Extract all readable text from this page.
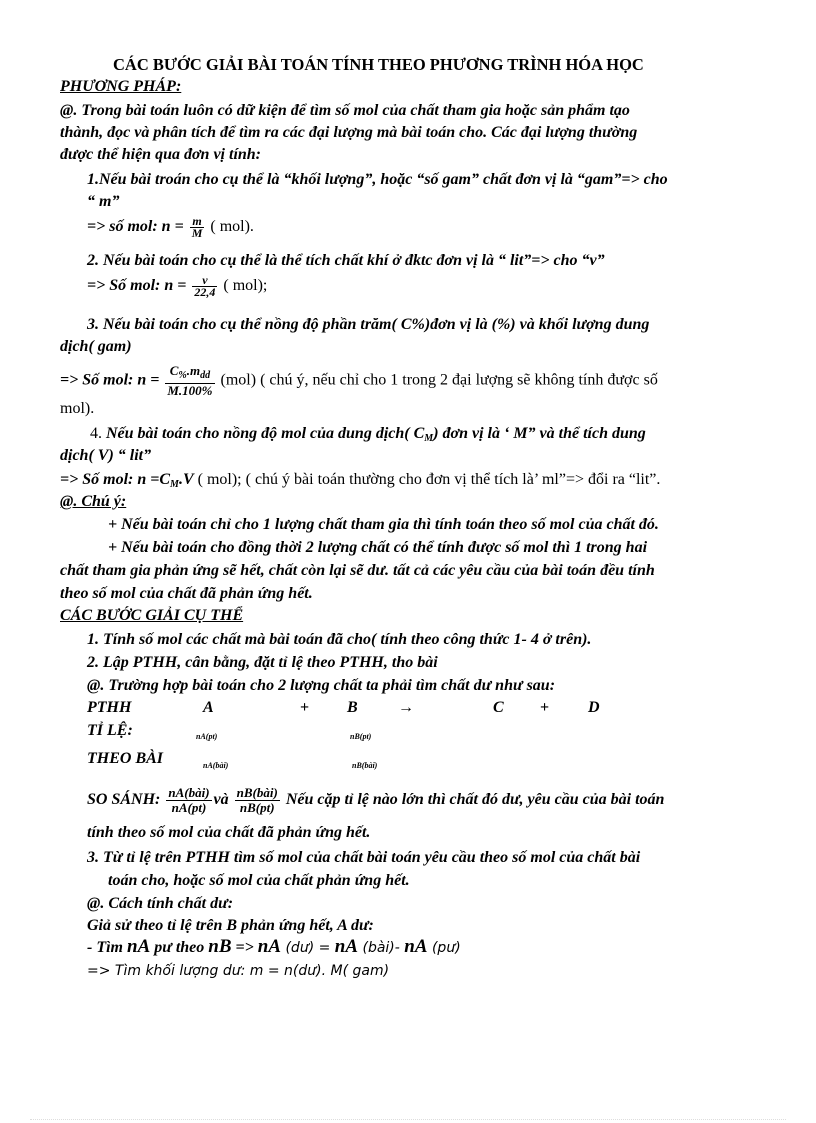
CÁC BƯỚC GIẢI BÀI TOÁN TÍNH THEO PHƯƠNG TRÌNH HÓA HỌC
PHƯƠNG PHÁP:
@. Trong bài toán luôn có dữ kiện để tìm số mol của chất tham gia hoặc sản phẩm tạo
thành, đọc và phân tích để tìm ra các đại lượng mà bài toán cho. Các đại lượng thường
được thể hiện qua đơn vị tính:
1.Nếu bài troán cho cụ thể là “khối lượng”, hoặc “số gam” chất đơn vị là “gam”=> cho
“ m”
=> số mol: $n = \frac{m}{M}$ ( mol).
2. Nếu bài toán cho cụ thể là thể tích chất khí ở đktc đơn vị là “ lit”=> cho “v”
=> Số mol: $n = \frac{v}{22,4}$ ( mol);
3. Nếu bài toán cho cụ thể nồng độ phần trăm( C%)đơn vị là (%) và khối lượng dung
dịch( gam)
=> Số mol: $n = \frac{C_{\%}.m_{dd}}{M.100\%} (mol)$ ( chú ý, nếu chỉ cho 1 trong 2 đại lượng sẽ không tính được số
mol).
4. Nếu bài toán cho nồng độ mol của dung dịch( $C_M$) đơn vị là ‘ M” và thể tích dung
dịch( V) “ lit”
=> Số mol: $n =C_M.V$ ( mol); ( chú ý bài toán thường cho đơn vị thể tích là’ ml”=> đổi ra “lit”.
@. Chú ý:
+ Nếu bài toán chỉ cho 1 lượng chất tham gia thì tính toán theo số mol của chất đó.
+ Nếu bài toán cho đồng thời 2 lượng chất có thể tính được số mol thì 1 trong hai
chất tham gia phản ứng sẽ hết, chất còn lại sẽ dư. tất cả các yêu cầu của bài toán đều tính
theo số mol của chất đã phản ứng hết.
CÁC BƯỚC GIẢI CỤ THỂ
1. Tính số mol các chất mà bài toán đã cho( tính theo công thức 1- 4 ở trên).
2. Lập PTHH, cân bằng, đặt tỉ lệ theo PTHH, tho bài
@. Trường hợp bài toán cho 2 lượng chất ta phải tìm chất dư như sau:
PTHH	A	+ B	→	C + D
TỈ LỆ:	nA(pt)	nB(pt)
THEO BÀI	nA(bài)	nB(bài)
SO SÁNH: $\frac{\text{nA(bài)}}{nA(pt)}$ và $\frac{\text{nB(bài)}}{nB(pt)}$ Nếu cặp tỉ lệ nào lớn thì chất đó dư, yêu cầu của bài toán
tính theo số mol của chất đã phản ứng hết.
3. Từ tỉ lệ trên PTHH tìm số mol của chất bài toán yêu cầu theo số mol của chất bài
toán cho, hoặc số mol của chất phản ứng hết.
@. Cách tính chất dư:
Giả sử theo tỉ lệ trên B phản ứng hết, A dư:
- Tìm nA pư theo nB => nA (dư) = nA (bài)- nA (pư)
=> Tìm khối lượng dư: m = n(dư). M( gam)
